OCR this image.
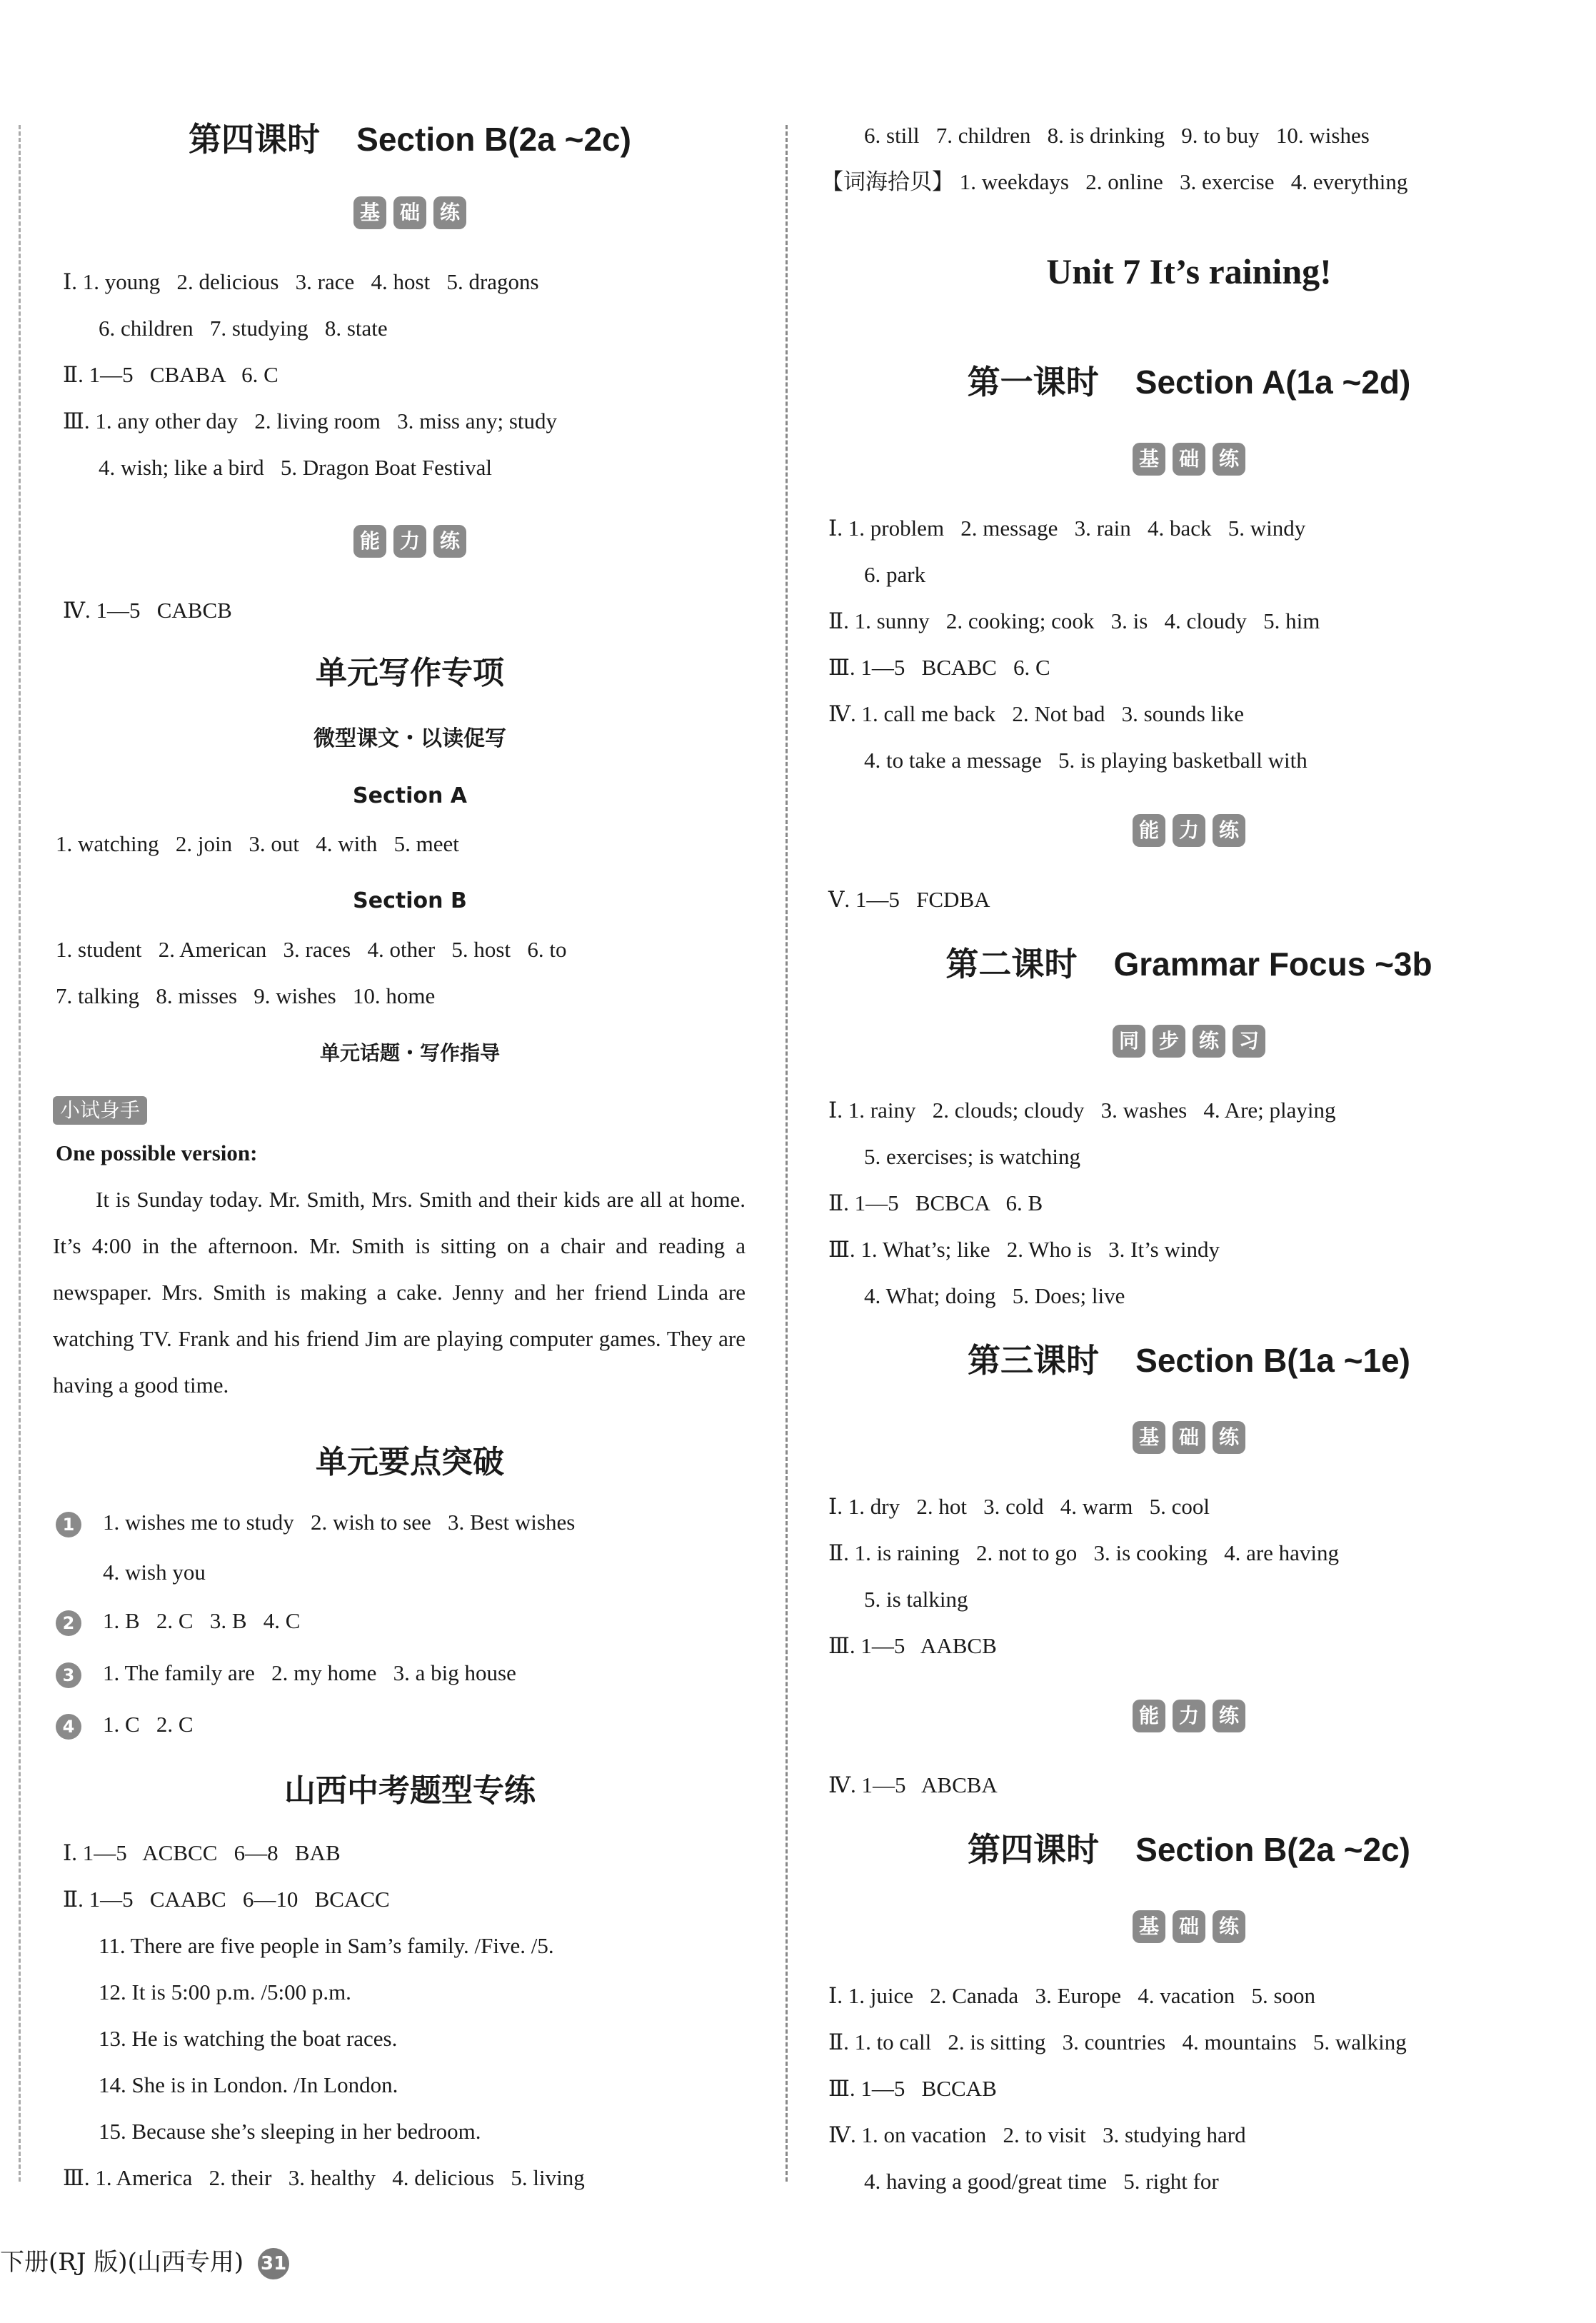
第四课时    Section B(2a ~2c)
基 础 练
Ⅰ. 1. young   2. delicious   3. race   4. host   5. dragons
6. children   7. studying   8. state
Ⅱ. 1—5   CBABA   6. C
Ⅲ. 1. any other day   2. living room   3. miss any; study
4. wish; like a bird   5. Dragon Boat Festival
能 力 练
Ⅳ. 1—5   CABCB
单元写作专项
微型课文・以读促写
Section A
1. watching   2. join   3. out   4. with   5. meet
Section B
1. student   2. American   3. races   4. other   5. host   6. to
7. talking   8. misses   9. wishes   10. home
单元话题・写作指导
小试身手
One possible version:
It is Sunday today. Mr. Smith, Mrs. Smith and their kids are all at home. It’s 4:00 in the afternoon. Mr. Smith is sitting on a chair and reading a newspaper. Mrs. Smith is making a cake. Jenny and her friend Linda are watching TV. Frank and his friend Jim are playing computer games. They are having a good time.
单元要点突破
1 1. wishes me to study   2. wish to see   3. Best wishes
4. wish you
2 1. B   2. C   3. B   4. C
3 1. The family are   2. my home   3. a big house
4 1. C   2. C
山西中考题型专练
Ⅰ. 1—5   ACBCC   6—8   BAB
Ⅱ. 1—5   CAABC   6—10   BCACC
11. There are five people in Sam’s family. /Five. /5.
12. It is 5:00 p.m. /5:00 p.m.
13. He is watching the boat races.
14. She is in London. /In London.
15. Because she’s sleeping in her bedroom.
Ⅲ. 1. America   2. their   3. healthy   4. delicious   5. living
下册(RJ 版)(山西专用) 31
6. still   7. children   8. is drinking   9. to buy   10. wishes
【词海拾贝】 1. weekdays   2. online   3. exercise   4. everything
Unit 7 It’s raining!
第一课时    Section A(1a ~2d)
基 础 练
Ⅰ. 1. problem   2. message   3. rain   4. back   5. windy
6. park
Ⅱ. 1. sunny   2. cooking; cook   3. is   4. cloudy   5. him
Ⅲ. 1—5   BCABC   6. C
Ⅳ. 1. call me back   2. Not bad   3. sounds like
4. to take a message   5. is playing basketball with
能 力 练
Ⅴ. 1—5   FCDBA
第二课时    Grammar Focus ~3b
同 步 练 习
Ⅰ. 1. rainy   2. clouds; cloudy   3. washes   4. Are; playing
5. exercises; is watching
Ⅱ. 1—5   BCBCA   6. B
Ⅲ. 1. What’s; like   2. Who is   3. It’s windy
4. What; doing   5. Does; live
第三课时    Section B(1a ~1e)
基 础 练
Ⅰ. 1. dry   2. hot   3. cold   4. warm   5. cool
Ⅱ. 1. is raining   2. not to go   3. is cooking   4. are having
5. is talking
Ⅲ. 1—5   AABCB
能 力 练
Ⅳ. 1—5   ABCBA
第四课时    Section B(2a ~2c)
基 础 练
Ⅰ. 1. juice   2. Canada   3. Europe   4. vacation   5. soon
Ⅱ. 1. to call   2. is sitting   3. countries   4. mountains   5. walking
Ⅲ. 1—5   BCCAB
Ⅳ. 1. on vacation   2. to visit   3. studying hard
4. having a good/great time   5. right for
